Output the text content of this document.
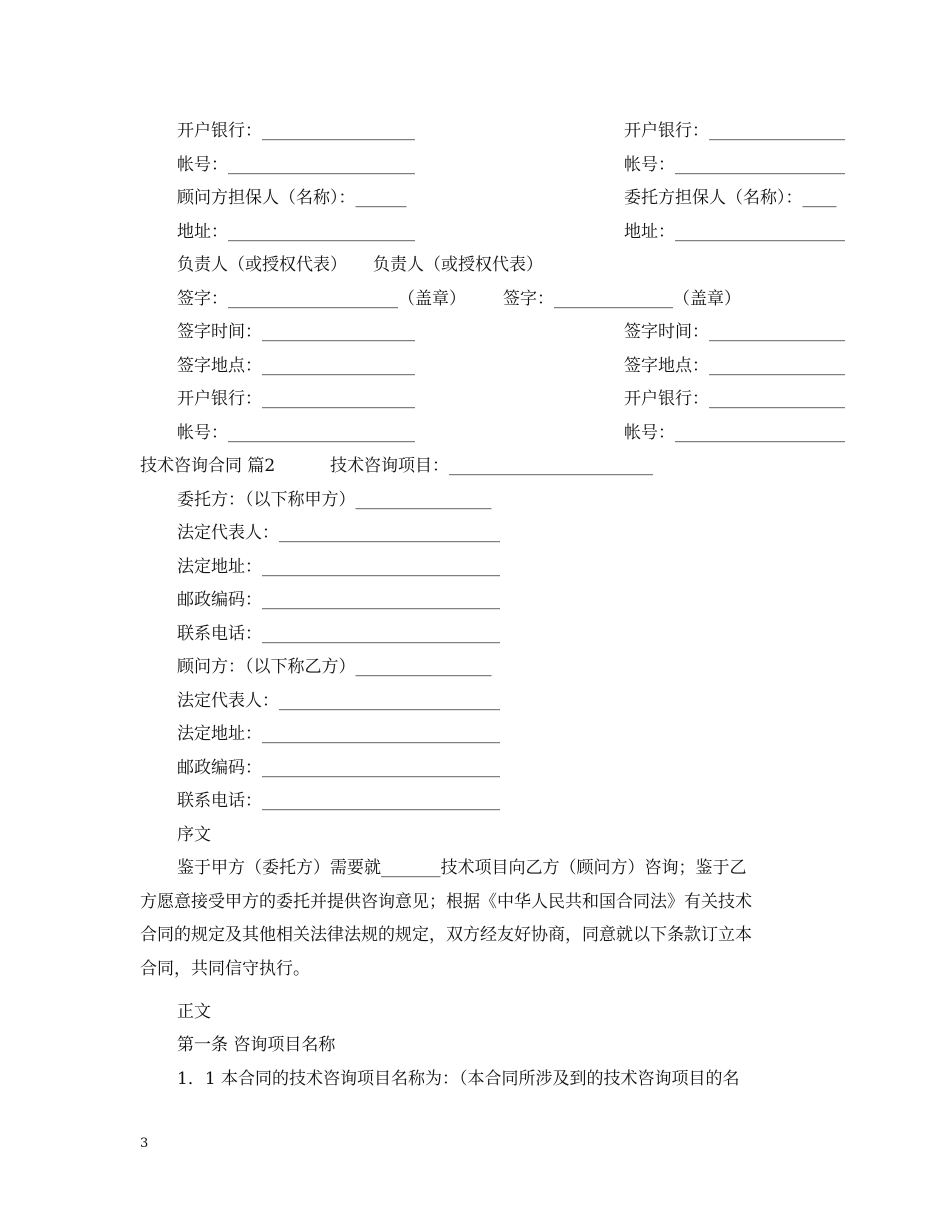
开户银行：__________________	开户银行：________________
帐号：______________________	帐号：____________________
顾问方担保人（名称）：______	委托方担保人（名称）：____
地址：______________________	地址：____________________
负责人（或授权代表） 负责人（或授权代表）
签字：____________________（盖章） 签字：______________（盖章）
签字时间：__________________	签字时间：________________
签字地点：__________________	签字地点：________________
开户银行：__________________	开户银行：________________
帐号：______________________	帐号：____________________
技术咨询合同 篇2	技术咨询项目：________________________
委托方：（以下称甲方）________________
法定代表人：__________________________
法定地址：____________________________
邮政编码：____________________________
联系电话：____________________________
顾问方：（以下称乙方）________________
法定代表人：__________________________
法定地址：____________________________
邮政编码：____________________________
联系电话：____________________________
序文
鉴于甲方（委托方）需要就_______技术项目向乙方（顾问方）咨询；鉴于乙
方愿意接受甲方的委托并提供咨询意见；根据《中华人民共和国合同法》有关技术
合同的规定及其他相关法律法规的规定，双方经友好协商，同意就以下条款订立本
合同，共同信守执行。
正文
第一条 咨询项目名称
1．1 本合同的技术咨询项目名称为：（本合同所涉及到的技术咨询项目的名
3
